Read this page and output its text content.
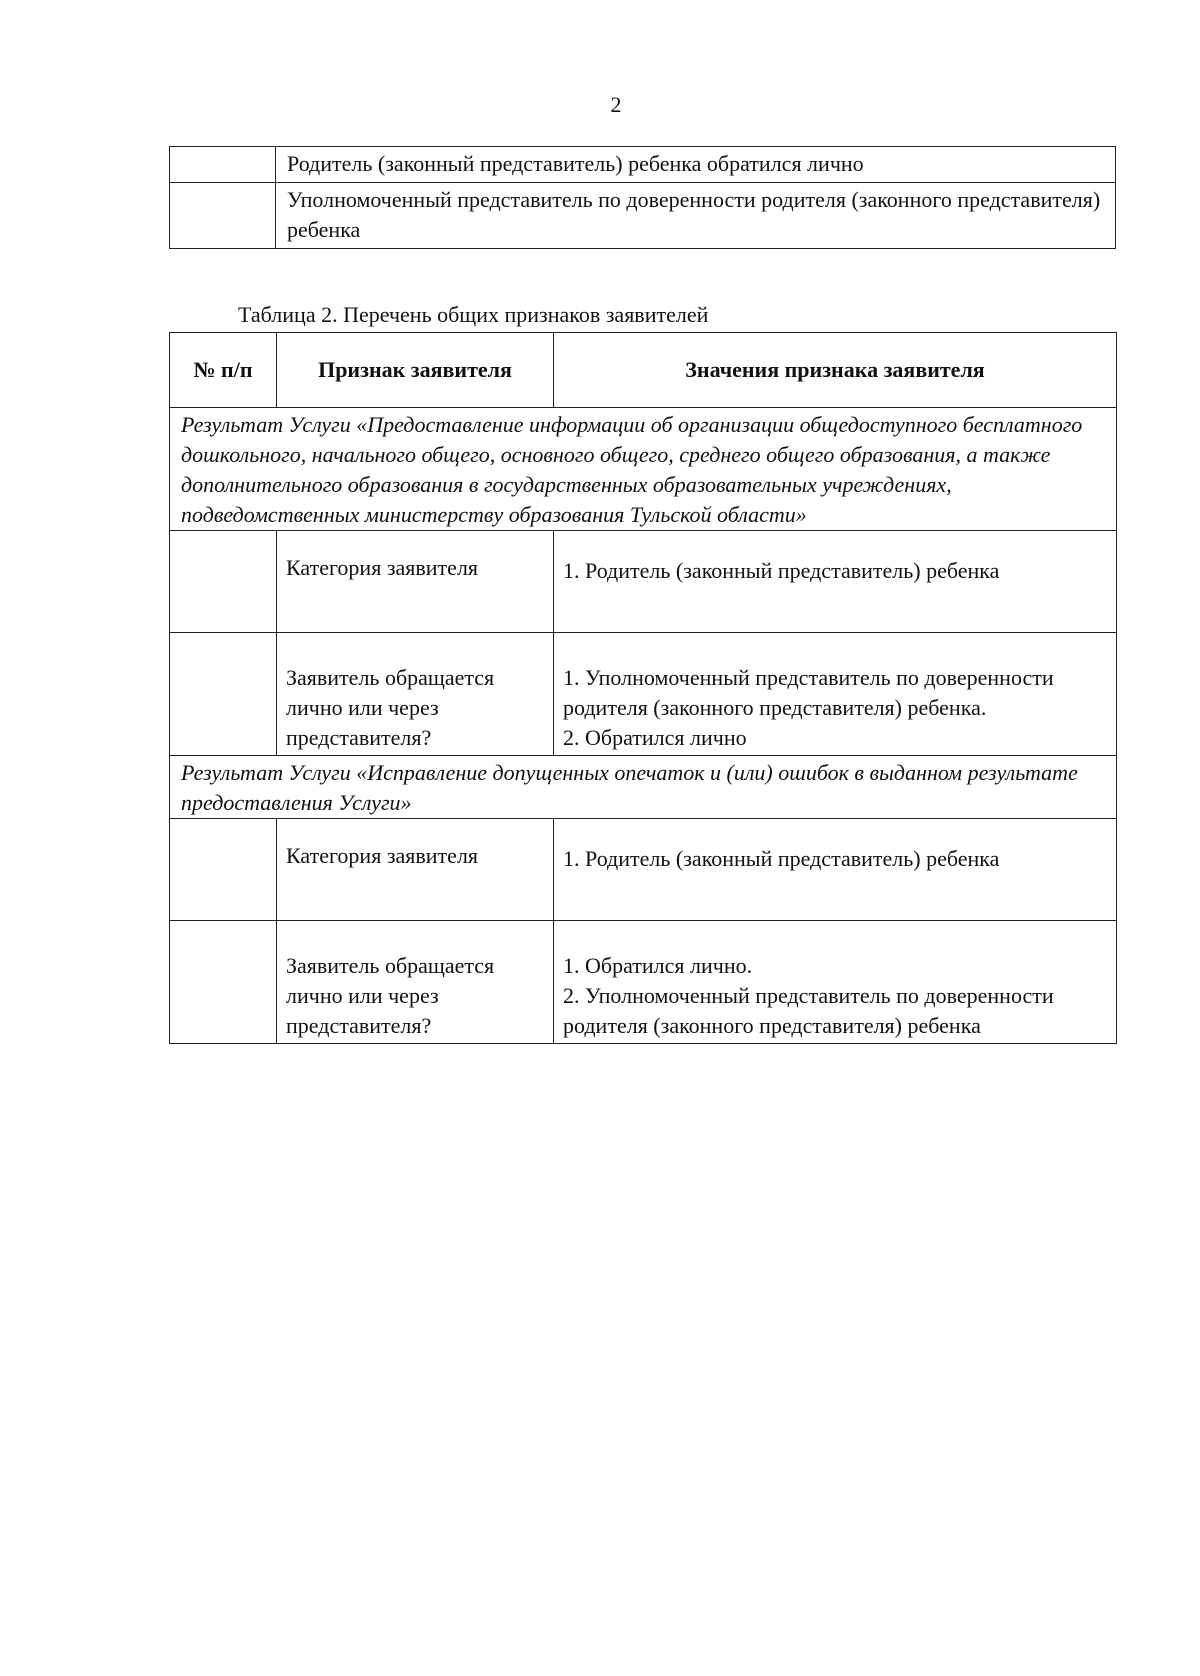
2
	Родитель (законный представитель) ребенка обратился лично
	Уполномоченный представитель по доверенности родителя (законного представителя) ребенка
Таблица 2. Перечень общих признаков заявителей
№ п/п	Признак заявителя	Значения признака заявителя
Результат Услуги «Предоставление информации об организации общедоступного бесплатного дошкольного, начального общего, основного общего, среднего общего образования, а также дополнительного образования в государственных образовательных учреждениях, подведомственных министерству образования Тульской области»		
	Категория заявителя	1. Родитель (законный представитель) ребенка

	Заявитель обращается лично или через представителя?	1. Уполномоченный представитель по доверенности родителя (законного представителя) ребенка.
2. Обратился лично

Результат Услуги «Исправление допущенных опечаток и (или) ошибок в выданном результате предоставления Услуги»		
	Категория заявителя	1. Родитель (законный представитель) ребенка

	Заявитель обращается лично или через представителя?	1. Обратился лично.
2. Уполномоченный представитель по доверенности родителя (законного представителя) ребенка
